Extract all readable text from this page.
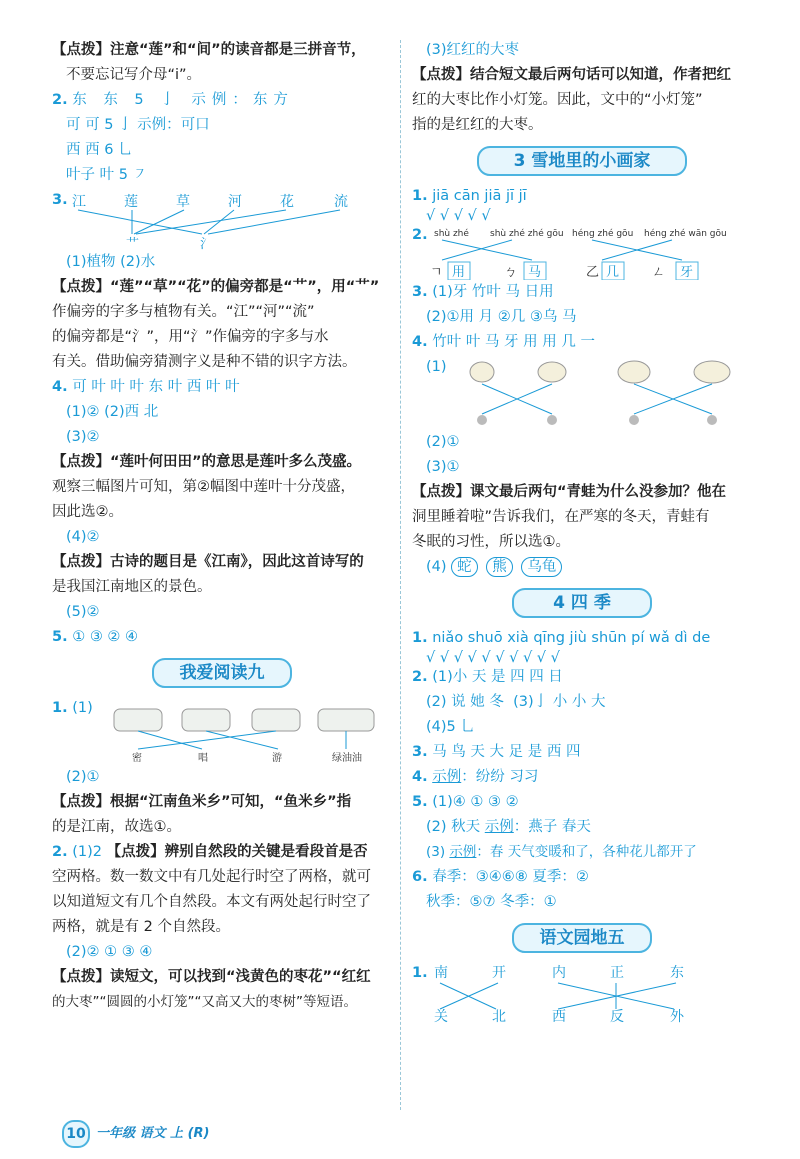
【点拨】注意“莲”和“间”的读音都是三拼音节，
不要忘记写介母“i”。
2. 东 东 5 亅 示例：东方
可 可 5 亅 示例：可口
西 西 6 乚
叶子 叶 5 ㇇
3. 江	莲	草	河	花	流
艹	氵
(1)植物 (2)水
【点拨】“莲”“草”“花”的偏旁都是“艹”，用“艹”
作偏旁的字多与植物有关。“江”“河”“流”
的偏旁都是“氵”，用“氵”作偏旁的字多与水
有关。借助偏旁猜测字义是种不错的识字方法。
4. 可 叶 叶 叶 东 叶 西 叶 叶
(1)② (2)西 北
(3)②
【点拨】“莲叶何田田”的意思是莲叶多么茂盛。
观察三幅图片可知，第②幅图中莲叶十分茂盛，
因此选②。
(4)②
【点拨】古诗的题目是《江南》，因此这首诗写的
是我国江南地区的景色。
(5)②
5. ① ③ ② ④
我爱阅读九
1. (1)
密	唱	游	绿油油
(2)①
【点拨】根据“江南鱼米乡”可知，“鱼米乡”指
的是江南，故选①。
2. (1)2 【点拨】辨别自然段的关键是看段首是否
空两格。数一数文中有几处起行时空了两格，就可
以知道短文有几个自然段。本文有两处起行时空了
两格，就是有 2 个自然段。
(2)② ① ③ ④
【点拨】读短文，可以找到“浅黄色的枣花”“红红
的大枣”“圆圆的小灯笼”“又高又大的枣树”等短语。
(3)红红的大枣
【点拨】结合短文最后两句话可以知道，作者把红
红的大枣比作小灯笼。因此，文中的“小灯笼”
指的是红红的大枣。
3 雪地里的小画家
1. jiā cān jiā jī jī
√ √ √ √ √
2. shù zhé shù zhé zhé gōu héng zhé gōu héng zhé wān gōu
ㄱ 用	ㄅ 马	乙 几	ㄥ 牙
3. (1)牙 竹叶 马 日用
(2)①用 月 ②几 ③乌 马
4. 竹叶 叶 马 牙 用 用 几 一
(1)
(2)①
(3)①
【点拨】课文最后两句“青蛙为什么没参加？他在
洞里睡着啦”告诉我们，在严寒的冬天，青蛙有
冬眠的习性，所以选①。
(4) 蛇 熊 乌龟
4 四 季
1. niǎo shuō xià qīng jiù shūn pí wǎ dì de
√ √ √ √ √ √ √ √ √ √
2. (1)小 天 是 四 四 日
(2) 说 她 冬 (3)亅 小 小 大
(4)5 乚
3. 马 鸟 天 大 足 是 西 四
4. 示例：纷纷 习习
5. (1)④ ① ③ ②
(2) 秋天 示例：燕子 春天
(3) 示例：春 天气变暖和了，各种花儿都开了
6. 春季：③④⑥⑧ 夏季：②
秋季：⑤⑦ 冬季：①
语文园地五
1. 南	开	内	正	东
关	北	西	反	外
10 一年级 语文 上 (R)
